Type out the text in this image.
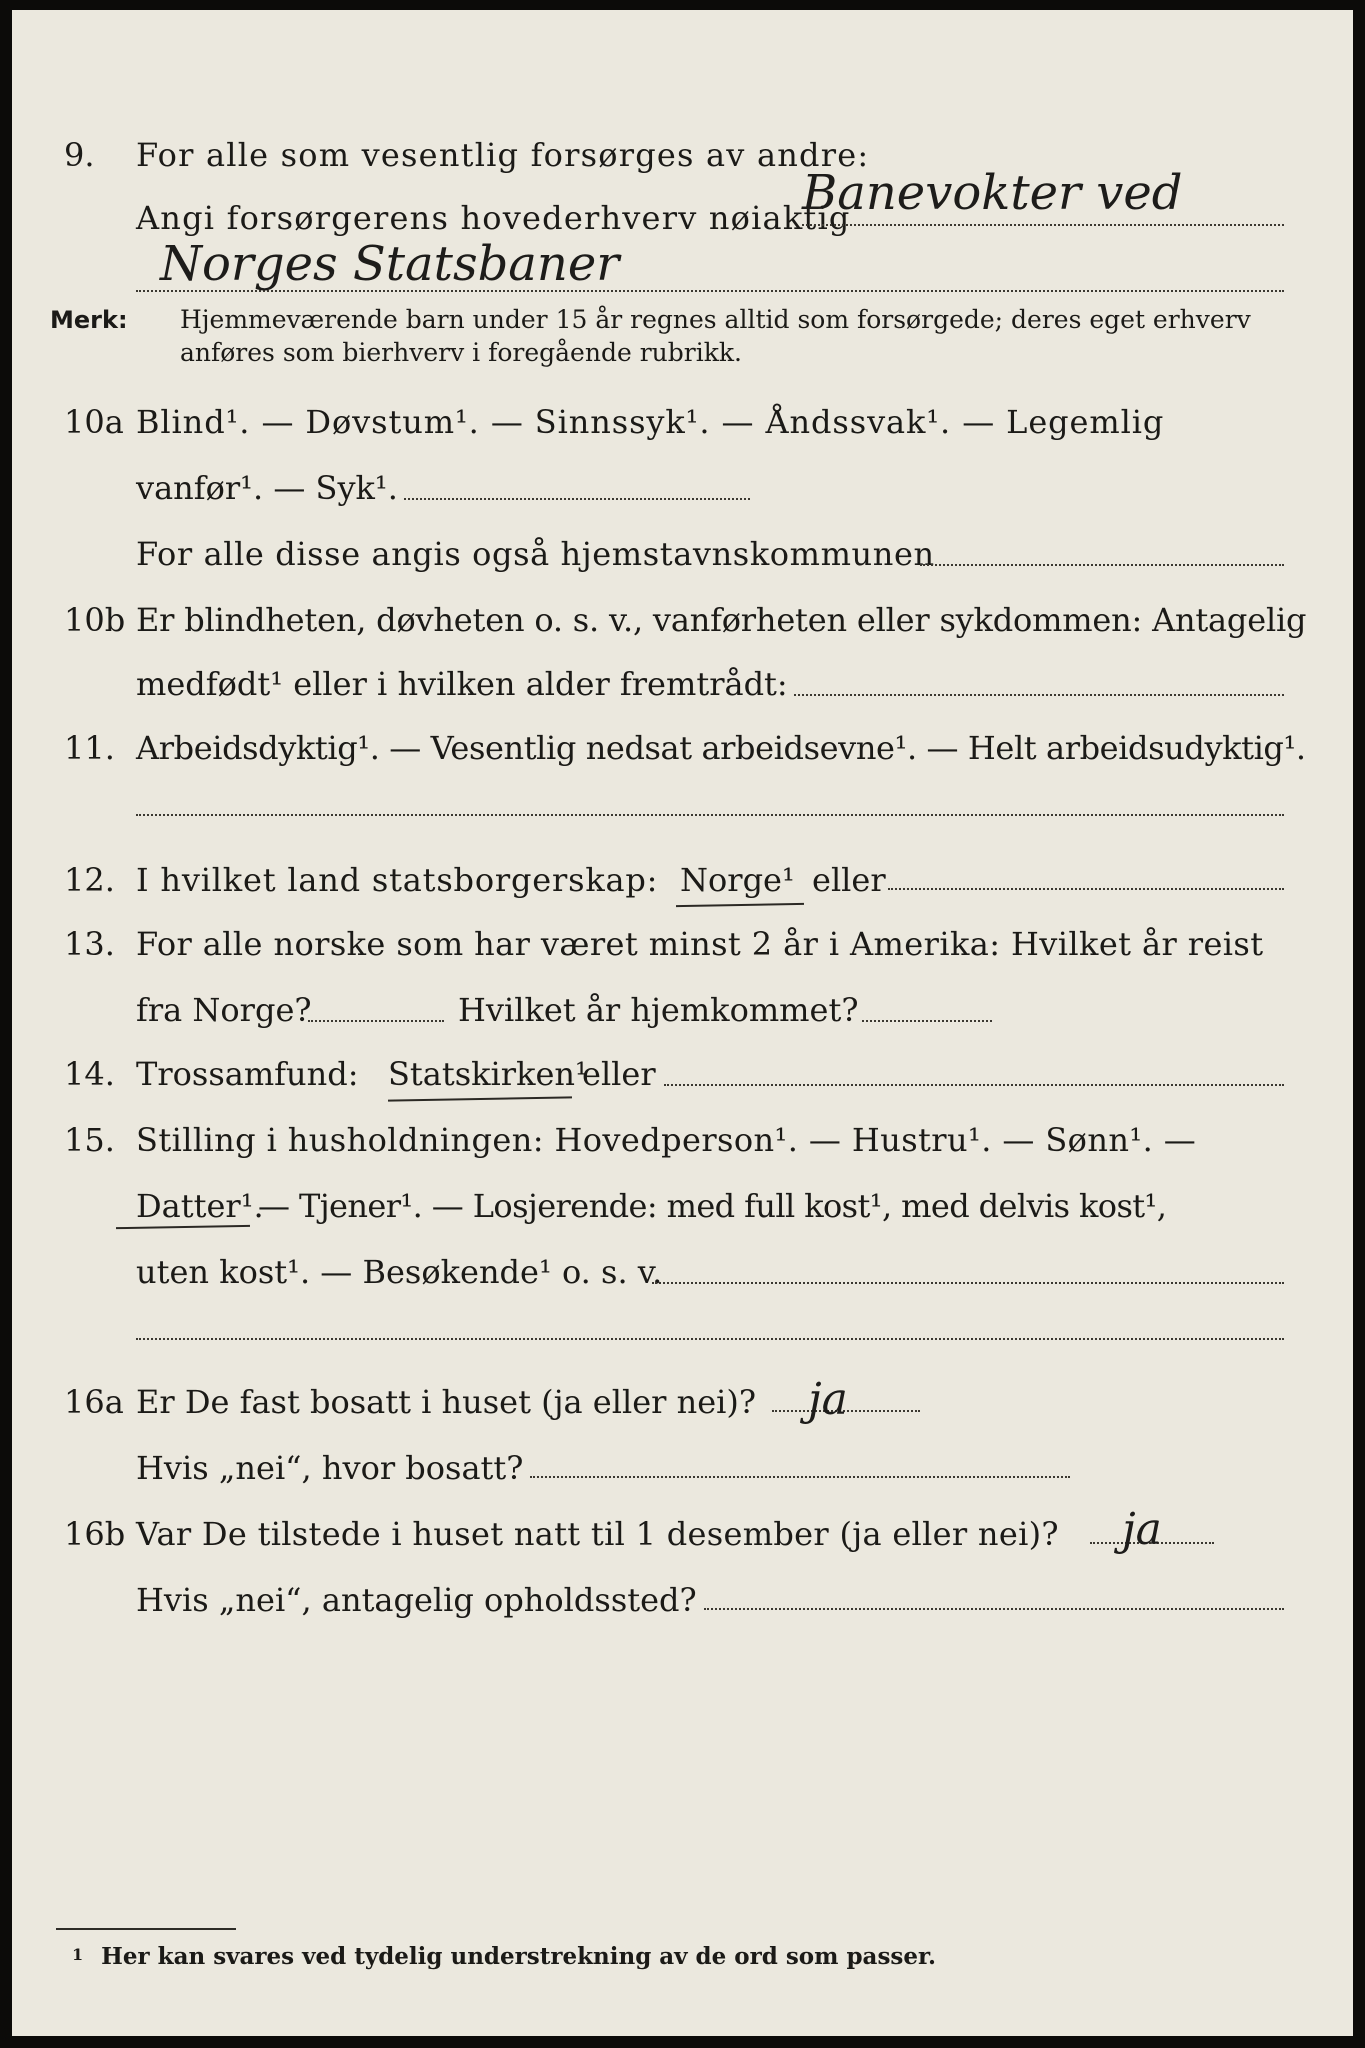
9. For alle som vesentlig forsørges av andre:
Angi forsørgerens hovederhverv nøiaktig
Banevokter ved
Norges Statsbaner
Merk: Hjemmeværende barn under 15 år regnes alltid som forsørgede; deres eget erhverv
anføres som bierhverv i foregående rubrikk.
10a Blind¹. — Døvstum¹. — Sinnssyk¹. — Åndssvak¹. — Legemlig
vanfør¹. — Syk¹.
For alle disse angis også hjemstavnskommunen
10b Er blindheten, døvheten o. s. v., vanførheten eller sykdommen: Antagelig
medfødt¹ eller i hvilken alder fremtrådt:
11. Arbeidsdyktig¹. — Vesentlig nedsat arbeidsevne¹. — Helt arbeidsudyktig¹.
12. I hvilket land statsborgerskap: Norge¹ eller
13. For alle norske som har været minst 2 år i Amerika: Hvilket år reist
fra Norge?	Hvilket år hjemkommet?
14. Trossamfund: Statskirken¹
eller
15. Stilling i husholdningen: Hovedperson¹. — Hustru¹. — Sønn¹. —
Datter¹.
— Tjener¹. — Losjerende: med full kost¹, med delvis kost¹,
uten kost¹. — Besøkende¹ o. s. v.
16a Er De fast bosatt i huset (ja eller nei)? ja
Hvis „nei“, hvor bosatt?
16b Var De tilstede i huset natt til 1 desember (ja eller nei)? ja
Hvis „nei“, antagelig opholdssted?
1 Her kan svares ved tydelig understrekning av de ord som passer.
